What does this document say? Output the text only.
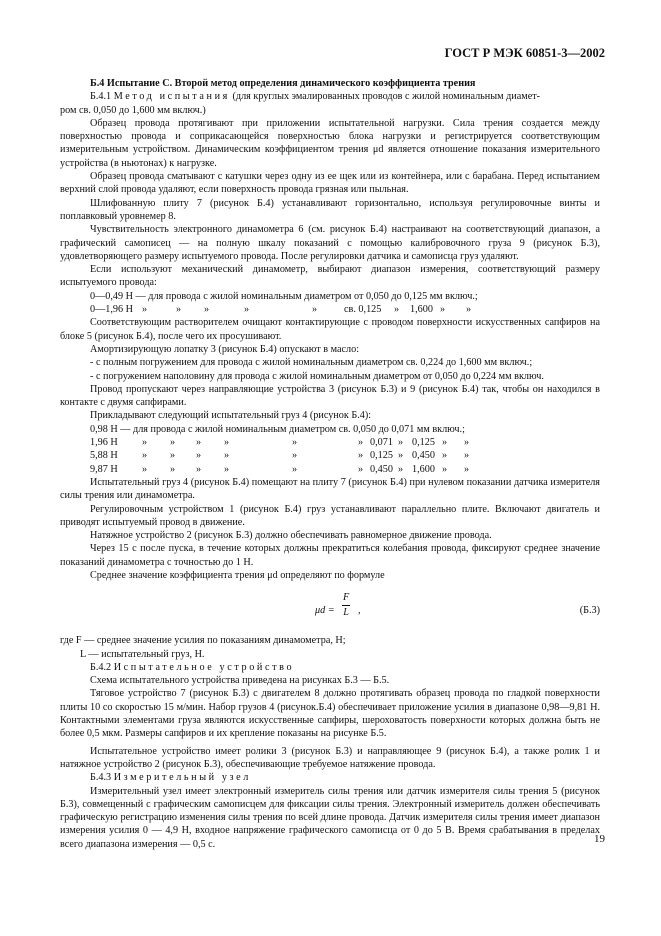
ГОСТ Р МЭК 60851-3—2002

Б.4 Испытание С. Второй метод определения динамического коэффициента трения

Б.4.1 Метод испытания (для круглых эмалированных проводов с жилой номинальным диамет-

ром св. 0,050 до 1,600 мм включ.)

Образец провода протягивают при приложении испытательной нагрузки. Сила трения создается между поверхностью провода и соприкасающейся поверхностью блока нагрузки и регистрируется соответствующим измерительным устройством. Динамическим коэффициентом трения μd является отношение показания измерительного устройства (в ньютонах) к нагрузке.

Образец провода сматывают с катушки через одну из ее щек или из контейнера, или с барабана. Перед испытанием верхний слой провода удаляют, если поверхность провода грязная или пыльная.

Шлифованную плиту 7 (рисунок Б.4) устанавливают горизонтально, используя регулировочные винты и поплавковый уровнемер 8.

Чувствительность электронного динамометра 6 (см. рисунок Б.4) настраивают на соответствующий диапазон, а графический самописец — на полную шкалу показаний с помощью калибровочного груза 9 (рисунок Б.3), удовлетворяющего размеру испытуемого провода. После регулировки датчика и самописца груз удаляют.

Если используют механический динамометр, выбирают диапазон измерения, соответствующий размеру испытуемого провода:

0—0,49 Н — для провода с жилой номинальным диаметром от 0,050 до 0,125 мм включ.;

0—1,96 Н »	»	»	»	»	св. 0,125	»	1,600 »	»

Соответствующим растворителем очищают контактирующие с проводом поверхности искусственных сапфиров на блоке 5 (рисунок Б.4), после чего их просушивают.

Амортизирующую лопатку 3 (рисунок Б.4) опускают в масло:

- с полным погружением для провода с жилой номинальным диаметром св. 0,224 до 1,600 мм включ.;

- с погружением наполовину для провода с жилой номинальным диаметром от 0,050 до 0,224 мм включ.

Провод пропускают через направляющие устройства 3 (рисунок Б.3) и 9 (рисунок Б.4) так, чтобы он находился в контакте с двумя сапфирами.

Прикладывают следующий испытательный груз 4 (рисунок Б.4):

0,98 Н — для провода с жилой номинальным диаметром св. 0,050 до 0,071 мм включ.;

1,96 Н	»	»	»	»	»	» 0,071 » 0,125 »	»
5,88 Н	»	»	»	»	»	» 0,125 » 0,450 »	»
9,87 Н	»	»	»	»	»	» 0,450 » 1,600 »	»

Испытательный груз 4 (рисунок Б.4) помещают на плиту 7 (рисунок Б.4) при нулевом показании датчика измерителя силы трения или динамометра.

Регулировочным устройством 1 (рисунок Б.4) груз устанавливают параллельно плите. Включают двигатель и приводят испытуемый провод в движение.

Натяжное устройство 2 (рисунок Б.3) должно обеспечивать равномерное движение провода.

Через 15 с после пуска, в течение которых должны прекратиться колебания провода, фиксируют среднее значение показаний динамометра с точностью до 1 Н.

Среднее значение коэффициента трения μd определяют по формуле

$\mu d = \frac{F}{L}$ ,	(Б.3)

где F — среднее значение усилия по показаниям динамометра, Н;

L — испытательный груз, Н.

Б.4.2 Испытательное устройство

Схема испытательного устройства приведена на рисунках Б.3 — Б.5.

Тяговое устройство 7 (рисунок Б.3) с двигателем 8 должно протягивать образец провода по гладкой поверхности плиты 10 со скоростью 15 м/мин. Набор грузов 4 (рисунок.Б.4) обеспечивает приложение усилия в диапазоне 0,98—9,81 Н. Контактными элементами груза являются искусственные сапфиры, шероховатость поверхности которых должна быть не более 0,5 мкм. Размеры сапфиров и их крепление показаны на рисунке Б.5.

Испытательное устройство имеет ролики 3 (рисунок Б.3) и направляющее 9 (рисунок Б.4), а также ролик 1 и натяжное устройство 2 (рисунок Б.3), обеспечивающие требуемое натяжение провода.

Б.4.3 Измерительный узел

Измерительный узел имеет электронный измеритель силы трения или датчик измерителя силы трения 5 (рисунок Б.3), совмещенный с графическим самописцем для фиксации силы трения. Электронный измеритель должен обеспечивать графическую регистрацию изменения силы трения по всей длине провода. Датчик измерителя силы трения имеет диапазон измерения усилия 0 — 4,9 Н, входное напряжение графического самописца от 0 до 5 В. Время срабатывания в пределах всего диапазона измерения — 0,5 с.	19
